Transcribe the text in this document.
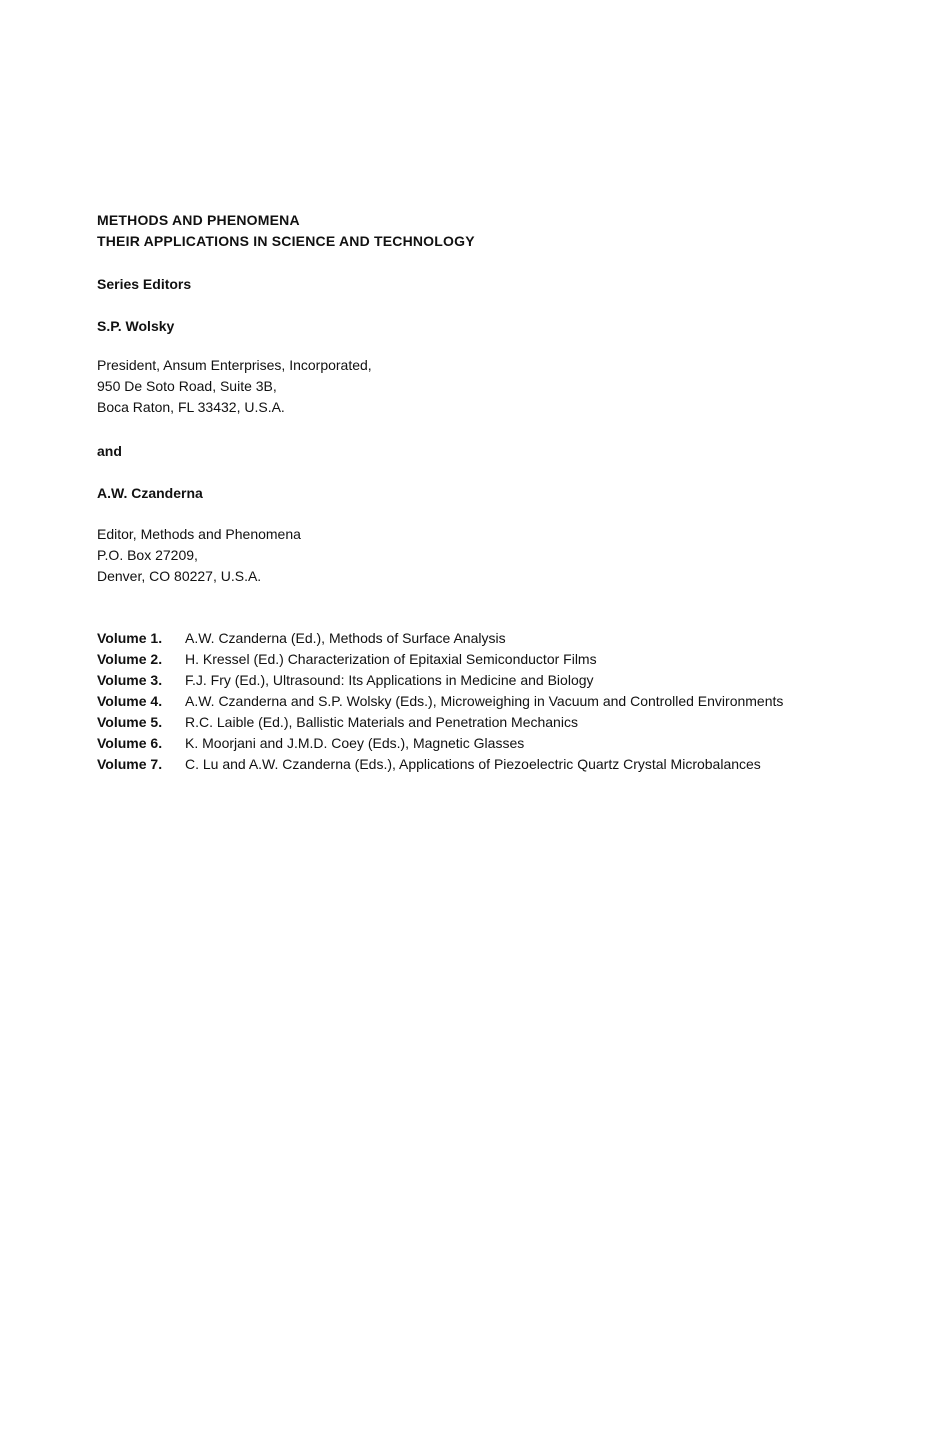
METHODS AND PHENOMENA
THEIR APPLICATIONS IN SCIENCE AND TECHNOLOGY
Series Editors
S.P. Wolsky
President, Ansum Enterprises, Incorporated,
950 De Soto Road, Suite 3B,
Boca Raton, FL 33432, U.S.A.
and
A.W. Czanderna
Editor, Methods and Phenomena
P.O. Box 27209,
Denver, CO 80227, U.S.A.
Volume 1.	A.W. Czanderna (Ed.), Methods of Surface Analysis
Volume 2.	H. Kressel (Ed.) Characterization of Epitaxial Semiconductor Films
Volume 3.	F.J. Fry (Ed.), Ultrasound: Its Applications in Medicine and Biology
Volume 4.	A.W. Czanderna and S.P. Wolsky (Eds.), Microweighing in Vacuum and Controlled Environments
Volume 5.	R.C. Laible (Ed.), Ballistic Materials and Penetration Mechanics
Volume 6.	K. Moorjani and J.M.D. Coey (Eds.), Magnetic Glasses
Volume 7.	C. Lu and A.W. Czanderna (Eds.), Applications of Piezoelectric Quartz Crystal Microbalances
